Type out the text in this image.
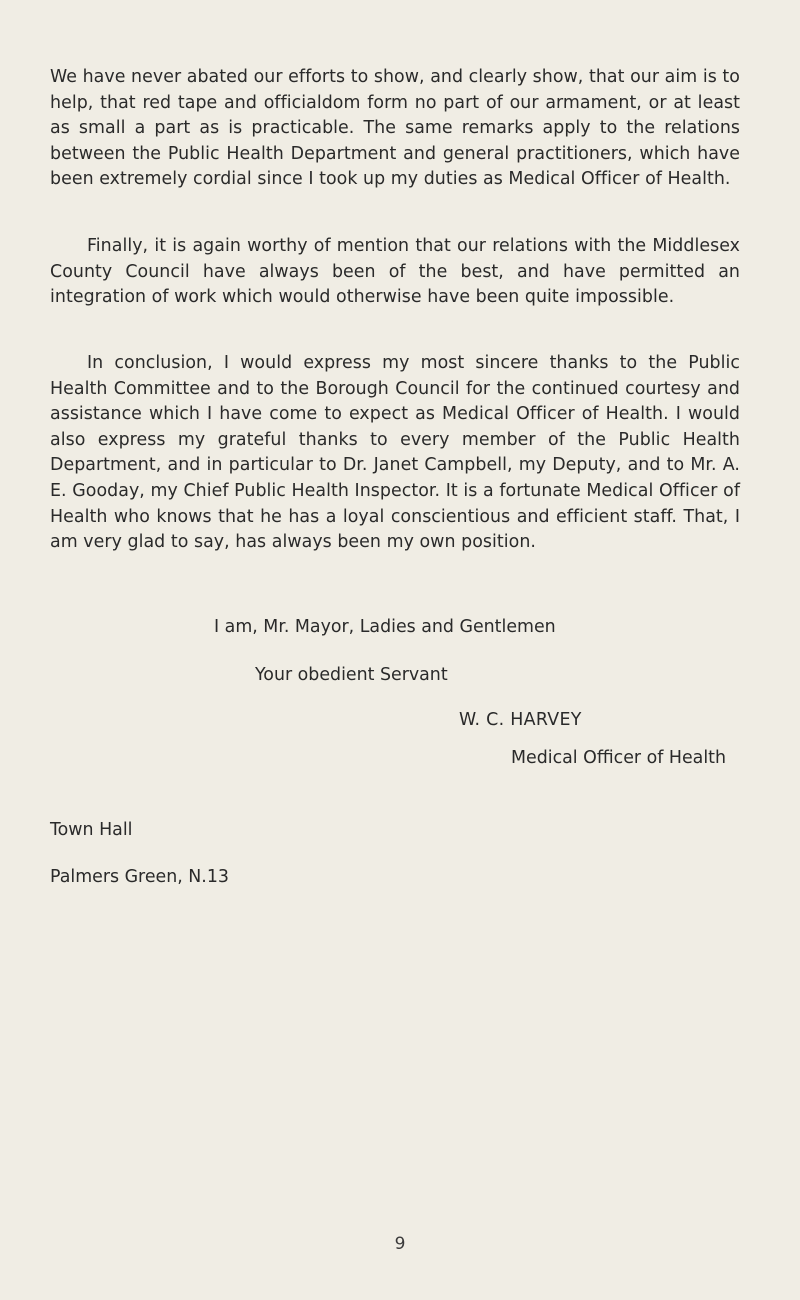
We have never abated our efforts to show, and clearly show, that our aim is to help, that red tape and officialdom form no part of our armament, or at least as small a part as is practicable. The same remarks apply to the relations between the Public Health Department and general practitioners, which have been extremely cordial since I took up my duties as Medical Officer of Health.

Finally, it is again worthy of mention that our relations with the Middlesex County Council have always been of the best, and have permitted an integration of work which would otherwise have been quite impossible.

In conclusion, I would express my most sincere thanks to the Public Health Committee and to the Borough Council for the continued courtesy and assistance which I have come to expect as Medical Officer of Health. I would also express my grateful thanks to every member of the Public Health Department, and in particular to Dr. Janet Campbell, my Deputy, and to Mr. A. E. Gooday, my Chief Public Health Inspector. It is a fortunate Medical Officer of Health who knows that he has a loyal conscientious and efficient staff. That, I am very glad to say, has always been my own position.

I am, Mr. Mayor, Ladies and Gentlemen
Your obedient Servant
W. C. HARVEY
Medical Officer of Health
Town Hall
Palmers Green, N.13
9
